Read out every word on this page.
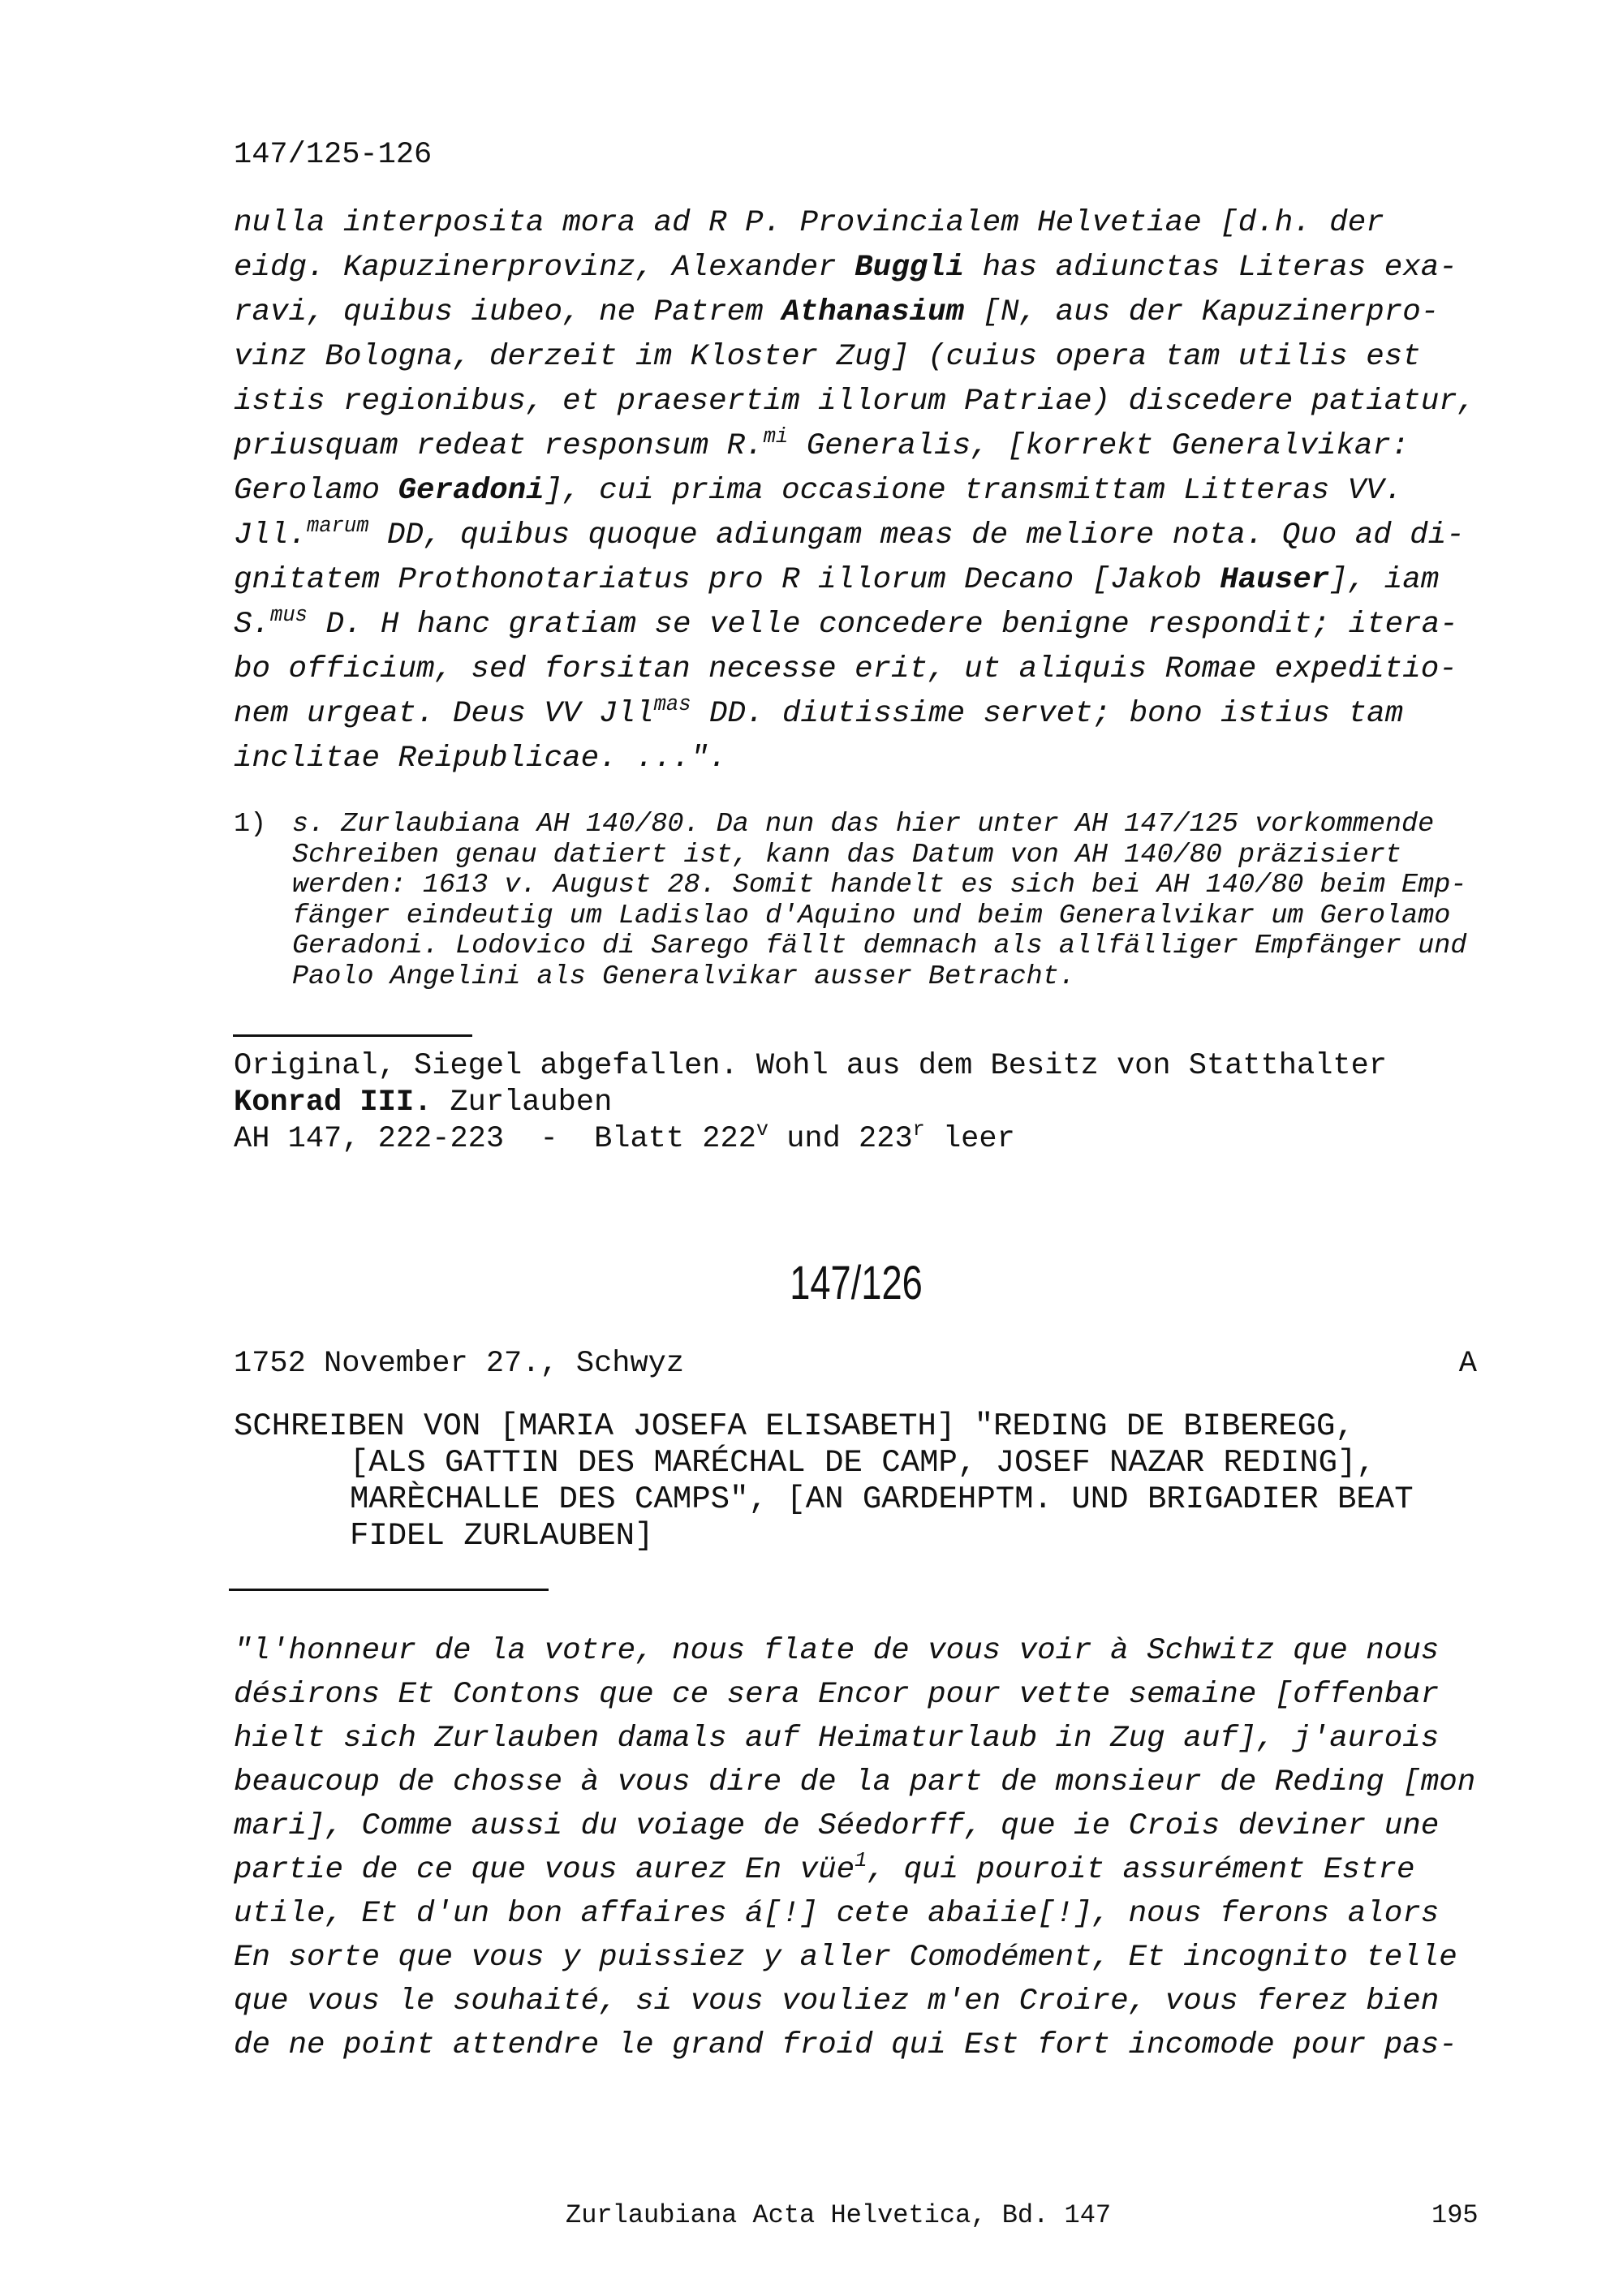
147/125-126
nulla interposita mora ad R P. Provincialem Helvetiae [d.h. der
eidg. Kapuzinerprovinz, Alexander Buggli has adiunctas Literas exa-
ravi, quibus iubeo, ne Patrem Athanasium [N, aus der Kapuzinerpro-
vinz Bologna, derzeit im Kloster Zug] (cuius opera tam utilis est
istis regionibus, et praesertim illorum Patriae) discedere patiatur,
priusquam redeat responsum R.$^{mi}$ Generalis, [korrekt Generalvikar:
Gerolamo Geradoni], cui prima occasione transmittam Litteras VV.
Jll.$^{marum}$ DD, quibus quoque adiungam meas de meliore nota. Quo ad di-
gnitatem Prothonotariatus pro R illorum Decano [Jakob Hauser], iam
S.$^{mus}$ D. H hanc gratiam se velle concedere benigne respondit; itera-
bo officium, sed forsitan necesse erit, ut aliquis Romae expeditio-
nem urgeat. Deus VV Jll$^{mas}$ DD. diutissime servet; bono istius tam
inclitae Reipublicae. ...".
1) s. Zurlaubiana AH 140/80. Da nun das hier unter AH 147/125 vorkommende
Schreiben genau datiert ist, kann das Datum von AH 140/80 präzisiert
werden: 1613 v. August 28. Somit handelt es sich bei AH 140/80 beim Emp-
fänger eindeutig um Ladislao d'Aquino und beim Generalvikar um Gerolamo
Geradoni. Lodovico di Sarego fällt demnach als allfälliger Empfänger und
Paolo Angelini als Generalvikar ausser Betracht.
Original, Siegel abgefallen. Wohl aus dem Besitz von Statthalter
Konrad III. Zurlauben
AH 147, 222-223  -  Blatt 222$^v$ und 223$^r$ leer
147/126
1752 November 27., Schwyz	A
SCHREIBEN VON [MARIA JOSEFA ELISABETH] "REDING DE BIBEREGG,
[ALS GATTIN DES MARÉCHAL DE CAMP, JOSEF NAZAR REDING],
MARÈCHALLE DES CAMPS", [AN GARDEHPTM. UND BRIGADIER BEAT
FIDEL ZURLAUBEN]
"l'honneur de la votre, nous flate de vous voir à Schwitz que nous
désirons Et Contons que ce sera Encor pour vette semaine [offenbar
hielt sich Zurlauben damals auf Heimaturlaub in Zug auf], j'aurois
beaucoup de chosse à vous dire de la part de monsieur de Reding [mon
mari], Comme aussi du voiage de Séedorff, que ie Crois deviner une
partie de ce que vous aurez En vüe$^1$, qui pouroit assurément Estre
utile, Et d'un bon affaires á[!] cete abaiie[!], nous ferons alors
En sorte que vous y puissiez y aller Comodément, Et incognito telle
que vous le souhaité, si vous vouliez m'en Croire, vous ferez bien
de ne point attendre le grand froid qui Est fort incomode pour pas-
Zurlaubiana Acta Helvetica, Bd. 147	195
